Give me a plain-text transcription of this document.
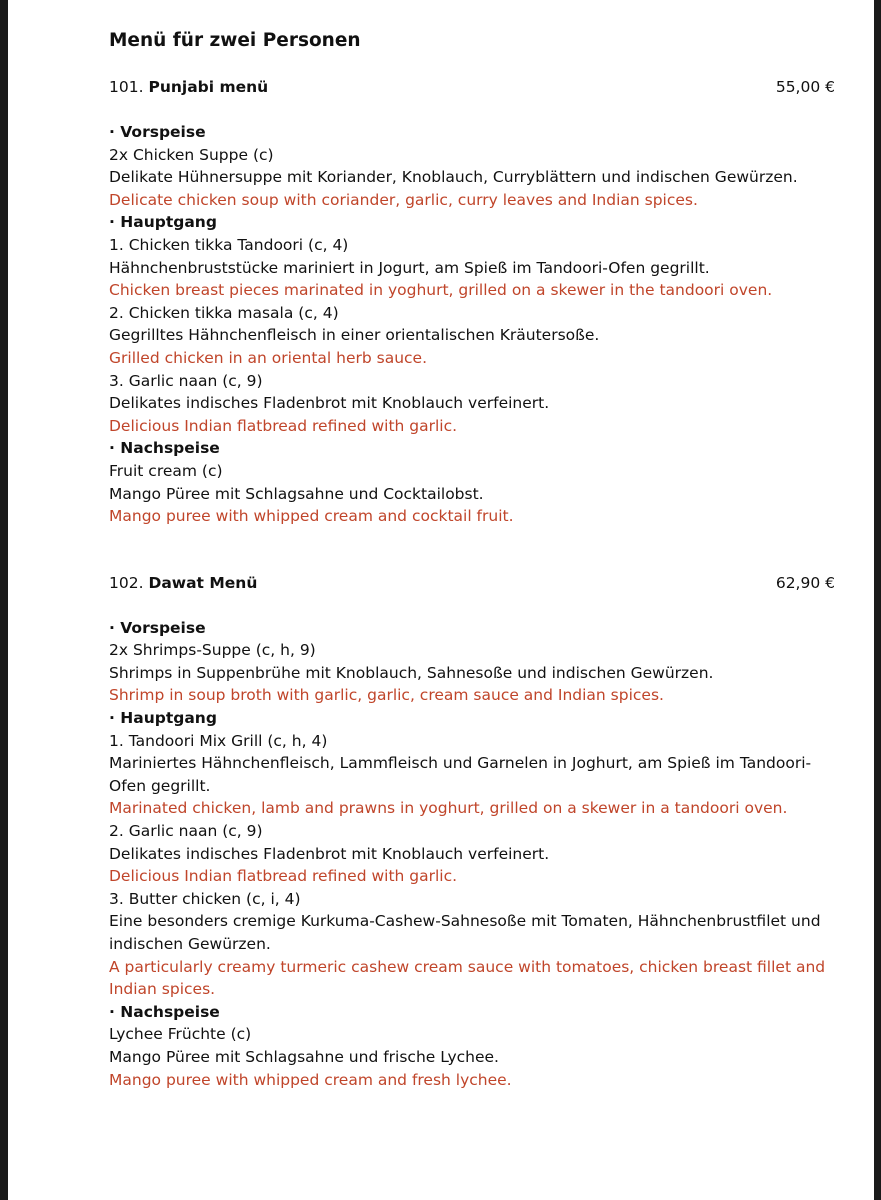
Menü für zwei Personen
101. Punjabi menü	55,00 €
· Vorspeise
2x Chicken Suppe (c)
Delikate Hühnersuppe mit Koriander, Knoblauch, Curryblättern und indischen Gewürzen.
Delicate chicken soup with coriander, garlic, curry leaves and Indian spices.
· Hauptgang
1. Chicken tikka Tandoori (c, 4)
Hähnchenbruststücke mariniert in Jogurt, am Spieß im Tandoori-Ofen gegrillt.
Chicken breast pieces marinated in yoghurt, grilled on a skewer in the tandoori oven.
2. Chicken tikka masala (c, 4)
Gegrilltes Hähnchenfleisch in einer orientalischen Kräutersoße.
Grilled chicken in an oriental herb sauce.
3. Garlic naan (c, 9)
Delikates indisches Fladenbrot mit Knoblauch verfeinert.
Delicious Indian flatbread refined with garlic.
· Nachspeise
Fruit cream (c)
Mango Püree mit Schlagsahne und Cocktailobst.
Mango puree with whipped cream and cocktail fruit.
102. Dawat Menü	62,90 €
· Vorspeise
2x Shrimps-Suppe (c, h, 9)
Shrimps in Suppenbrühe mit Knoblauch, Sahnesoße und indischen Gewürzen.
Shrimp in soup broth with garlic, garlic, cream sauce and Indian spices.
· Hauptgang
1. Tandoori Mix Grill (c, h, 4)
Mariniertes Hähnchenfleisch, Lammfleisch und Garnelen in Joghurt, am Spieß im Tandoori-Ofen gegrillt.
Marinated chicken, lamb and prawns in yoghurt, grilled on a skewer in a tandoori oven.
2. Garlic naan (c, 9)
Delikates indisches Fladenbrot mit Knoblauch verfeinert.
Delicious Indian flatbread refined with garlic.
3. Butter chicken (c, i, 4)
Eine besonders cremige Kurkuma-Cashew-Sahnesoße mit Tomaten, Hähnchenbrustfilet und indischen Gewürzen.
A particularly creamy turmeric cashew cream sauce with tomatoes, chicken breast fillet and Indian spices.
· Nachspeise
Lychee Früchte (c)
Mango Püree mit Schlagsahne und frische Lychee.
Mango puree with whipped cream and fresh lychee.
